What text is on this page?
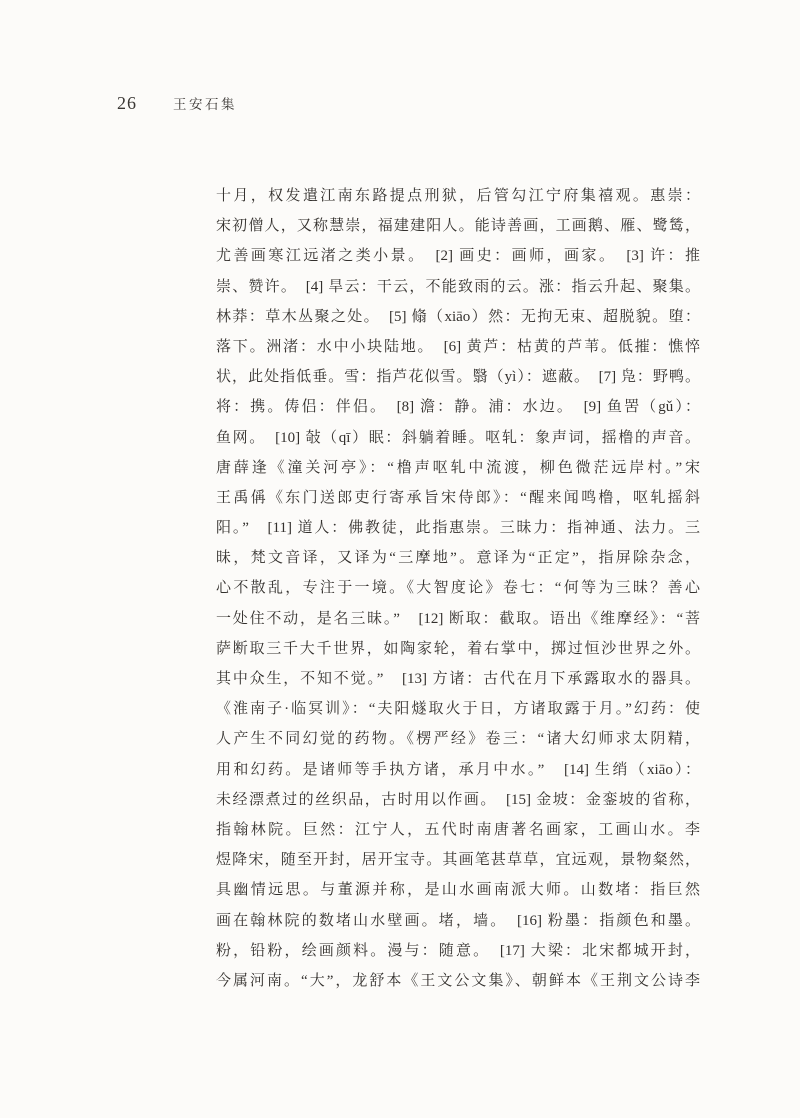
26	王安石集
十月，权发遣江南东路提点刑狱，后管勾江宁府集禧观。惠崇：
宋初僧人，又称慧崇，福建建阳人。能诗善画，工画鹅、雁、鹭鸶，
尤善画寒江远渚之类小景。　[2] 画史：画师，画家。　[3] 许：推
崇、赞许。　[4] 旱云：干云，不能致雨的云。涨：指云升起、聚集。
林莽：草木丛聚之处。　[5] 翛（xiāo）然：无拘无束、超脱貌。堕：
落下。洲渚：水中小块陆地。　[6] 黄芦：枯黄的芦苇。低摧：憔悴
状，此处指低垂。雪：指芦花似雪。翳（yì）：遮蔽。　[7] 凫：野鸭。
将：携。俦侣：伴侣。　[8] 澹：静。浦：水边。　[9] 鱼罟（gǔ）：
鱼网。　[10] 敧（qī）眠：斜躺着睡。呕轧：象声词，摇橹的声音。
唐薛逢《潼关河亭》：“橹声呕轧中流渡，柳色微茫远岸村。”宋
王禹偁《东门送郎吏行寄承旨宋侍郎》：“醒来闻鸣橹，呕轧摇斜
阳。”　[11] 道人：佛教徒，此指惠崇。三昧力：指神通、法力。三
昧，梵文音译，又译为“三摩地”。意译为“正定”，指屏除杂念，
心不散乱，专注于一境。《大智度论》卷七：“何等为三昧？善心
一处住不动，是名三昧。”　[12] 断取：截取。语出《维摩经》：“菩
萨断取三千大千世界，如陶家轮，着右掌中，掷过恒沙世界之外。
其中众生，不知不觉。”　[13] 方诸：古代在月下承露取水的器具。
《淮南子·临冥训》：“夫阳燧取火于日，方诸取露于月。”幻药：使
人产生不同幻觉的药物。《楞严经》卷三：“诸大幻师求太阴精，
用和幻药。是诸师等手执方诸，承月中水。”　[14] 生绡（xiāo）：
未经漂煮过的丝织品，古时用以作画。　[15] 金坡：金銮坡的省称，
指翰林院。巨然：江宁人，五代时南唐著名画家，工画山水。李
煜降宋，随至开封，居开宝寺。其画笔甚草草，宜远观，景物粲然，
具幽情远思。与董源并称，是山水画南派大师。山数堵：指巨然
画在翰林院的数堵山水壁画。堵，墙。　[16] 粉墨：指颜色和墨。
粉，铅粉，绘画颜料。漫与：随意。　[17] 大梁：北宋都城开封，
今属河南。“大”，龙舒本《王文公文集》、朝鲜本《王荆文公诗李
